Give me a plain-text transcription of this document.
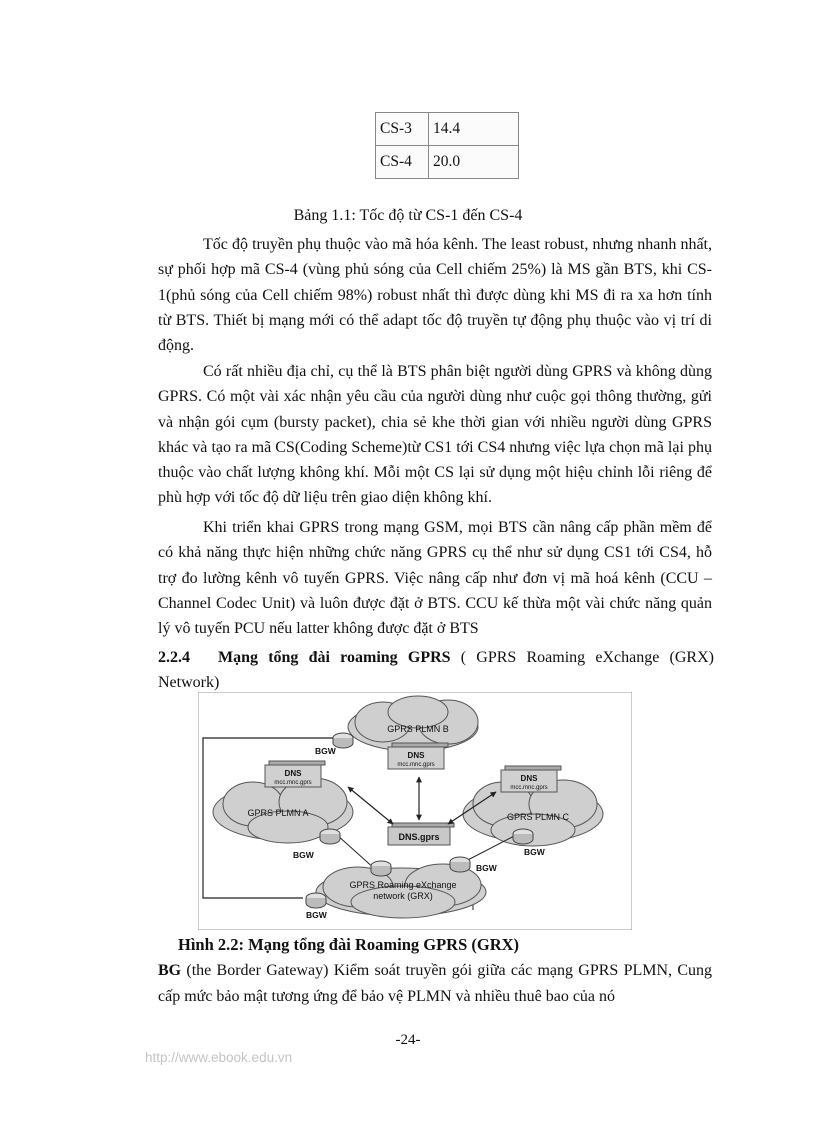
CS-3	14.4
CS-4	20.0
Bảng 1.1: Tốc độ từ CS-1 đến CS-4
Tốc độ truyền phụ thuộc vào mã hóa kênh. The least robust, nhưng nhanh nhất, sự phối hợp mã CS-4 (vùng phủ sóng của Cell chiếm 25%) là MS gần BTS, khi CS-1(phủ sóng của Cell chiếm 98%) robust nhất thì được dùng khi MS đi ra xa hơn tính từ BTS. Thiết bị mạng mới có thể adapt tốc độ truyền tự động phụ thuộc vào vị trí di động.
Có rất nhiều địa chỉ, cụ thể là BTS phân biệt người dùng GPRS và không dùng GPRS. Có một vài xác nhận yêu cầu của người dùng như cuộc gọi thông thường, gửi và nhận gói cụm (bursty packet), chia sẻ khe thời gian với nhiều người dùng GPRS khác và tạo ra mã CS(Coding Scheme)từ CS1 tới CS4 nhưng việc lựa chọn mã lại phụ thuộc vào chất lượng không khí. Mỗi một CS lại sử dụng một hiệu chỉnh lỗi riêng để phù hợp với tốc độ dữ liệu trên giao diện không khí.
Khi triển khai GPRS trong mạng GSM, mọi BTS cần nâng cấp phần mềm để có khả năng thực hiện những chức năng GPRS cụ thể như sử dụng CS1 tới CS4, hỗ trợ đo lường kênh vô tuyến GPRS. Việc nâng cấp như đơn vị mã hoá kênh (CCU – Channel Codec Unit) và luôn được đặt ở BTS. CCU kế thừa một vài chức năng quản lý vô tuyến PCU nếu latter không được đặt ở BTS
2.2.4 Mạng tổng đài roaming GPRS ( GPRS Roaming eXchange (GRX) Network)
GPRS PLMN B
DNS
mcc.mnc.gprs
DNS
mcc.mnc.gprs
GPRS PLMN A
DNS
mcc.mnc.gprs
GPRS PLMN C
DNS.gprs
GPRS Roaming eXchange
network (GRX)
BGW
BGW
BGW
BGW
BGW
Hình 2.2: Mạng tổng đài Roaming GPRS (GRX)
BG (the Border Gateway) Kiểm soát truyền gói giữa các mạng GPRS PLMN, Cung cấp mức bảo mật tương ứng để bảo vệ PLMN và nhiều thuê bao của nó
-24-
http://www.ebook.edu.vn
